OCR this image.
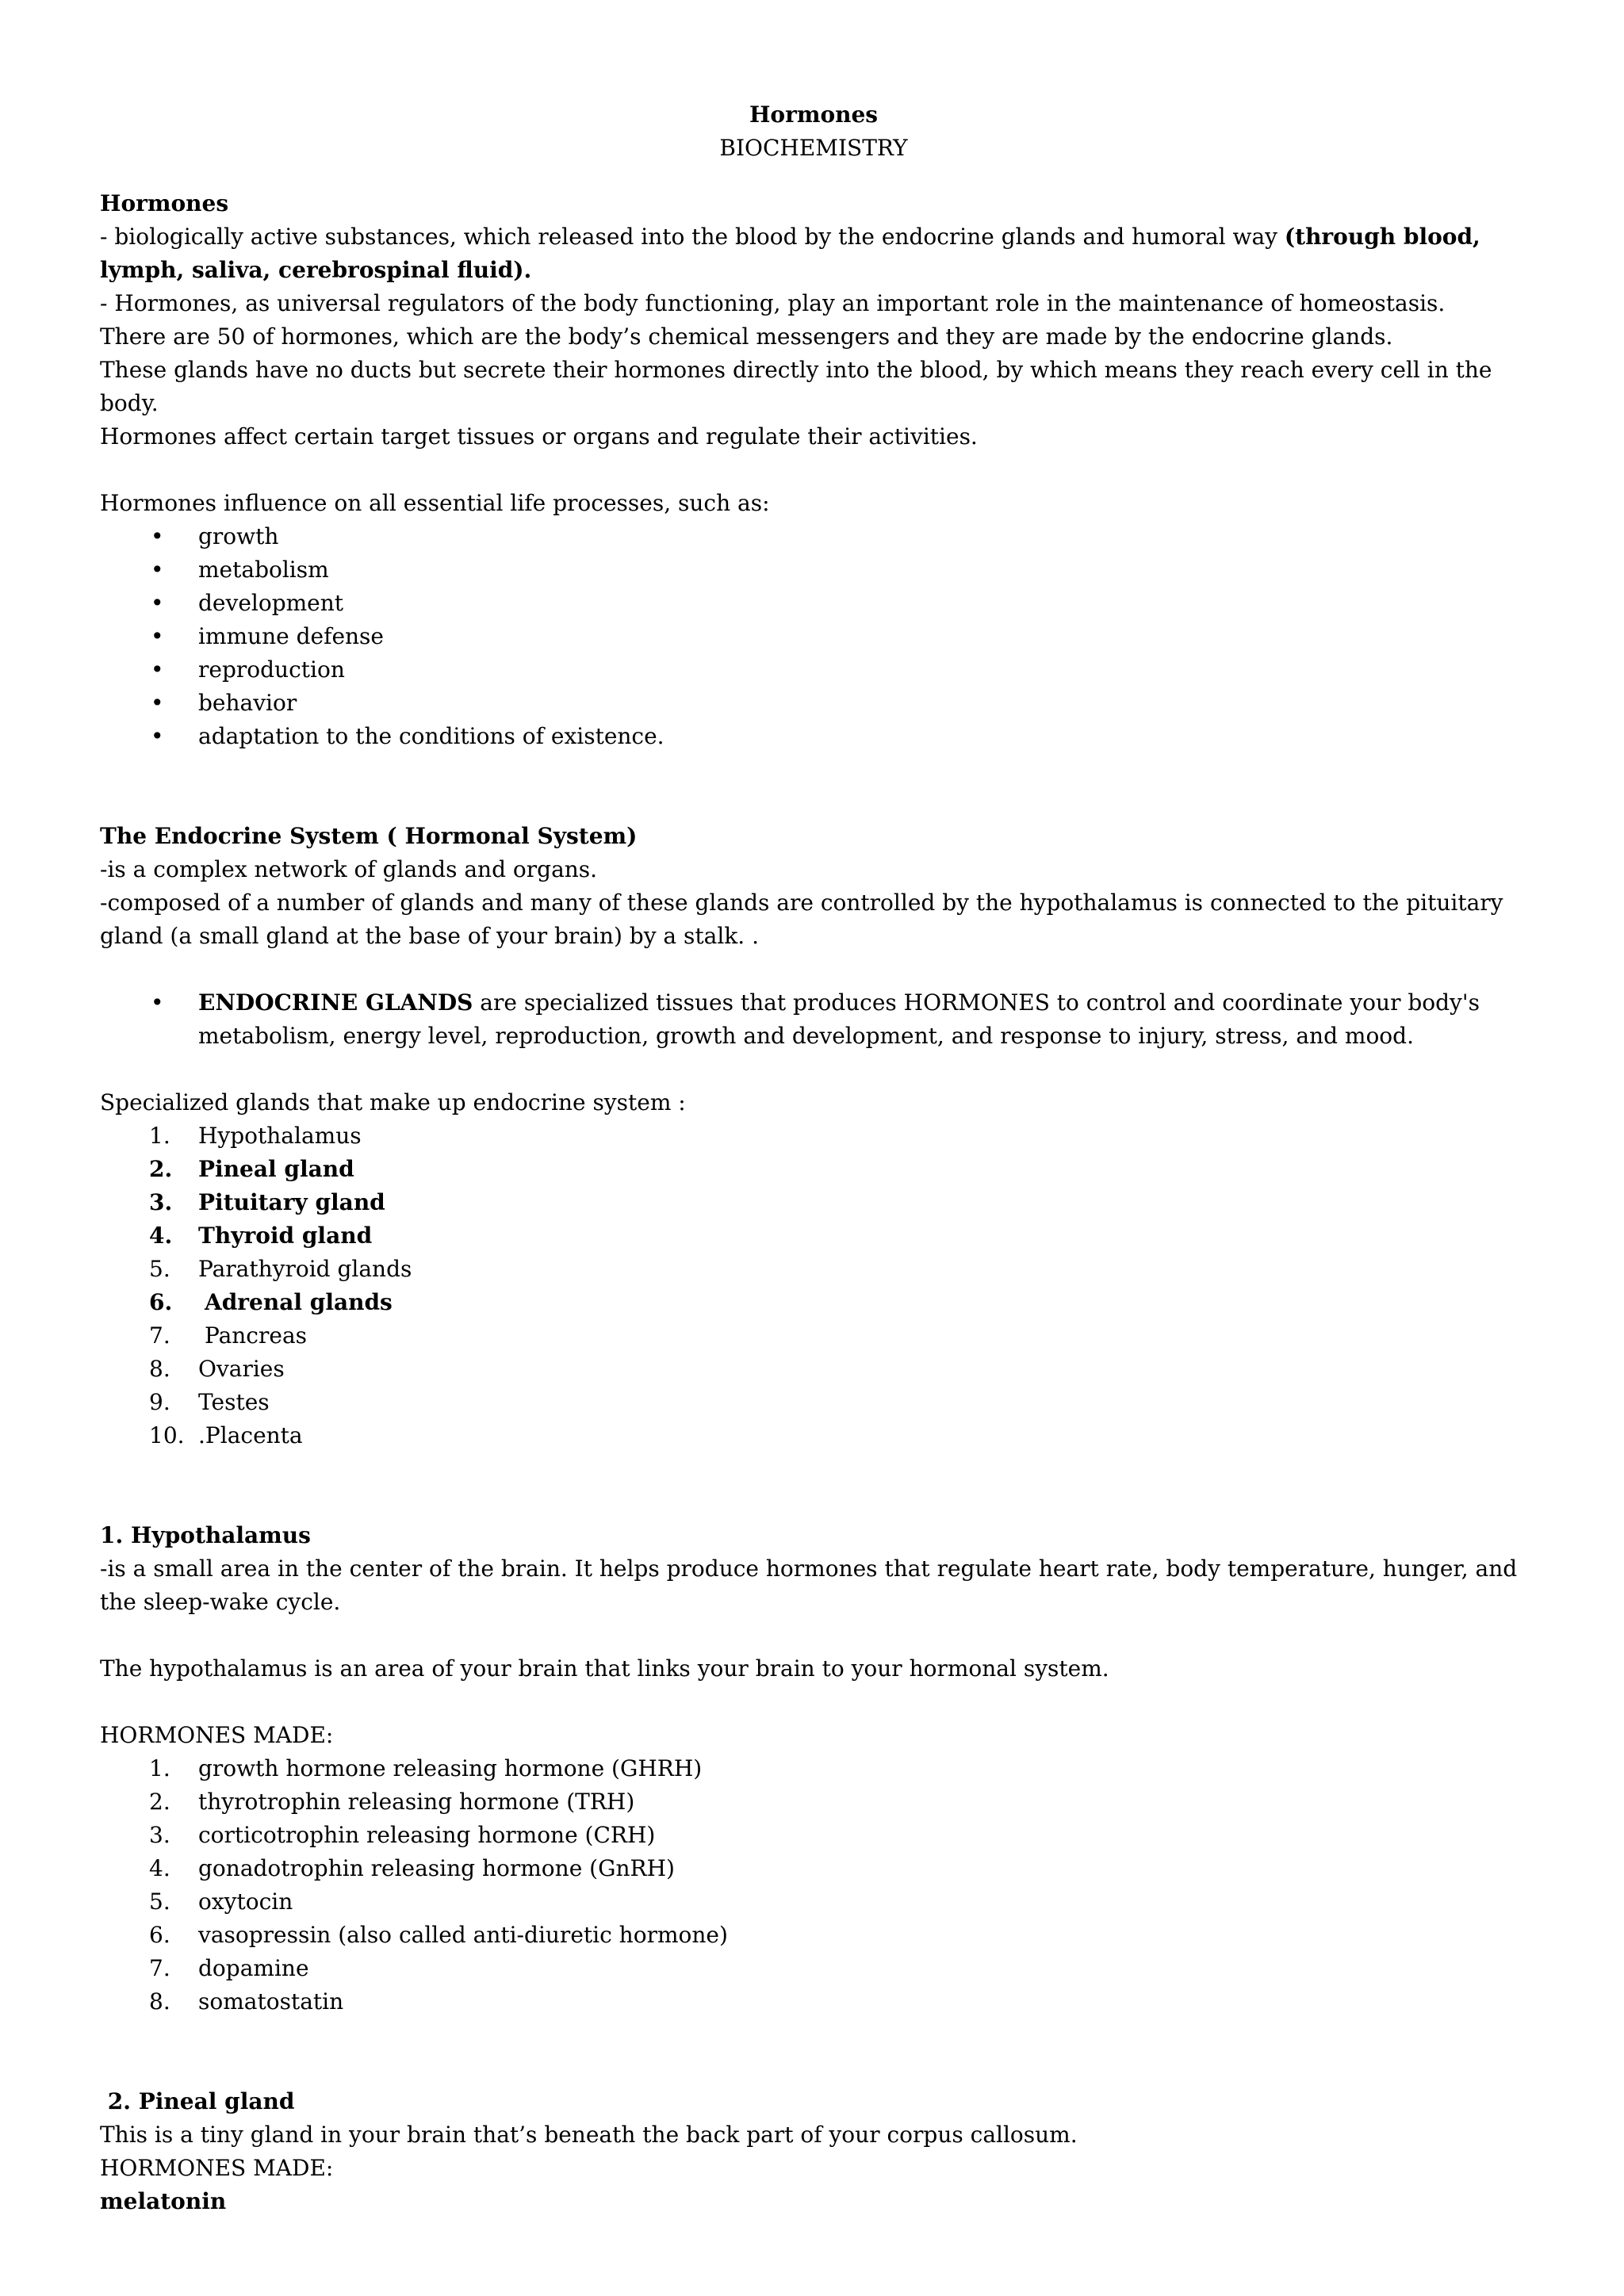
Hormones

BIOCHEMISTRY

Hormones

- biologically active substances, which released into the blood by the endocrine glands and humoral way (through blood, lymph, saliva, cerebrospinal fluid).

- Hormones, as universal regulators of the body functioning, play an important role in the maintenance of homeostasis.

There are 50 of hormones, which are the body’s chemical messengers and they are made by the endocrine glands.

These glands have no ducts but secrete their hormones directly into the blood, by which means they reach every cell in the body.

Hormones affect certain target tissues or organs and regulate their activities.

Hormones influence on all essential life processes, such as:

• growth
• metabolism
• development
• immune defense
• reproduction
• behavior
• adaptation to the conditions of existence.

The Endocrine System ( Hormonal System)

-is a complex network of glands and organs.

-composed of a number of glands and many of these glands are controlled by the hypothalamus is connected to the pituitary gland (a small gland at the base of your brain) by a stalk. .

• ENDOCRINE GLANDS are specialized tissues that produces HORMONES to control and coordinate your body's metabolism, energy level, reproduction, growth and development, and response to injury, stress, and mood.

Specialized glands that make up endocrine system :

1. Hypothalamus
2. Pineal gland
3. Pituitary gland
4. Thyroid gland
5. Parathyroid glands
6. Adrenal glands
7. Pancreas
8. Ovaries
9. Testes
10. .Placenta

1. Hypothalamus

-is a small area in the center of the brain. It helps produce hormones that regulate heart rate, body temperature, hunger, and the sleep-wake cycle.

The hypothalamus is an area of your brain that links your brain to your hormonal system.

HORMONES MADE:

1. growth hormone releasing hormone (GHRH)
2. thyrotrophin releasing hormone (TRH)
3. corticotrophin releasing hormone (CRH)
4. gonadotrophin releasing hormone (GnRH)
5. oxytocin
6. vasopressin (also called anti-diuretic hormone)
7. dopamine
8. somatostatin

2. Pineal gland

This is a tiny gland in your brain that’s beneath the back part of your corpus callosum.

HORMONES MADE:

melatonin
